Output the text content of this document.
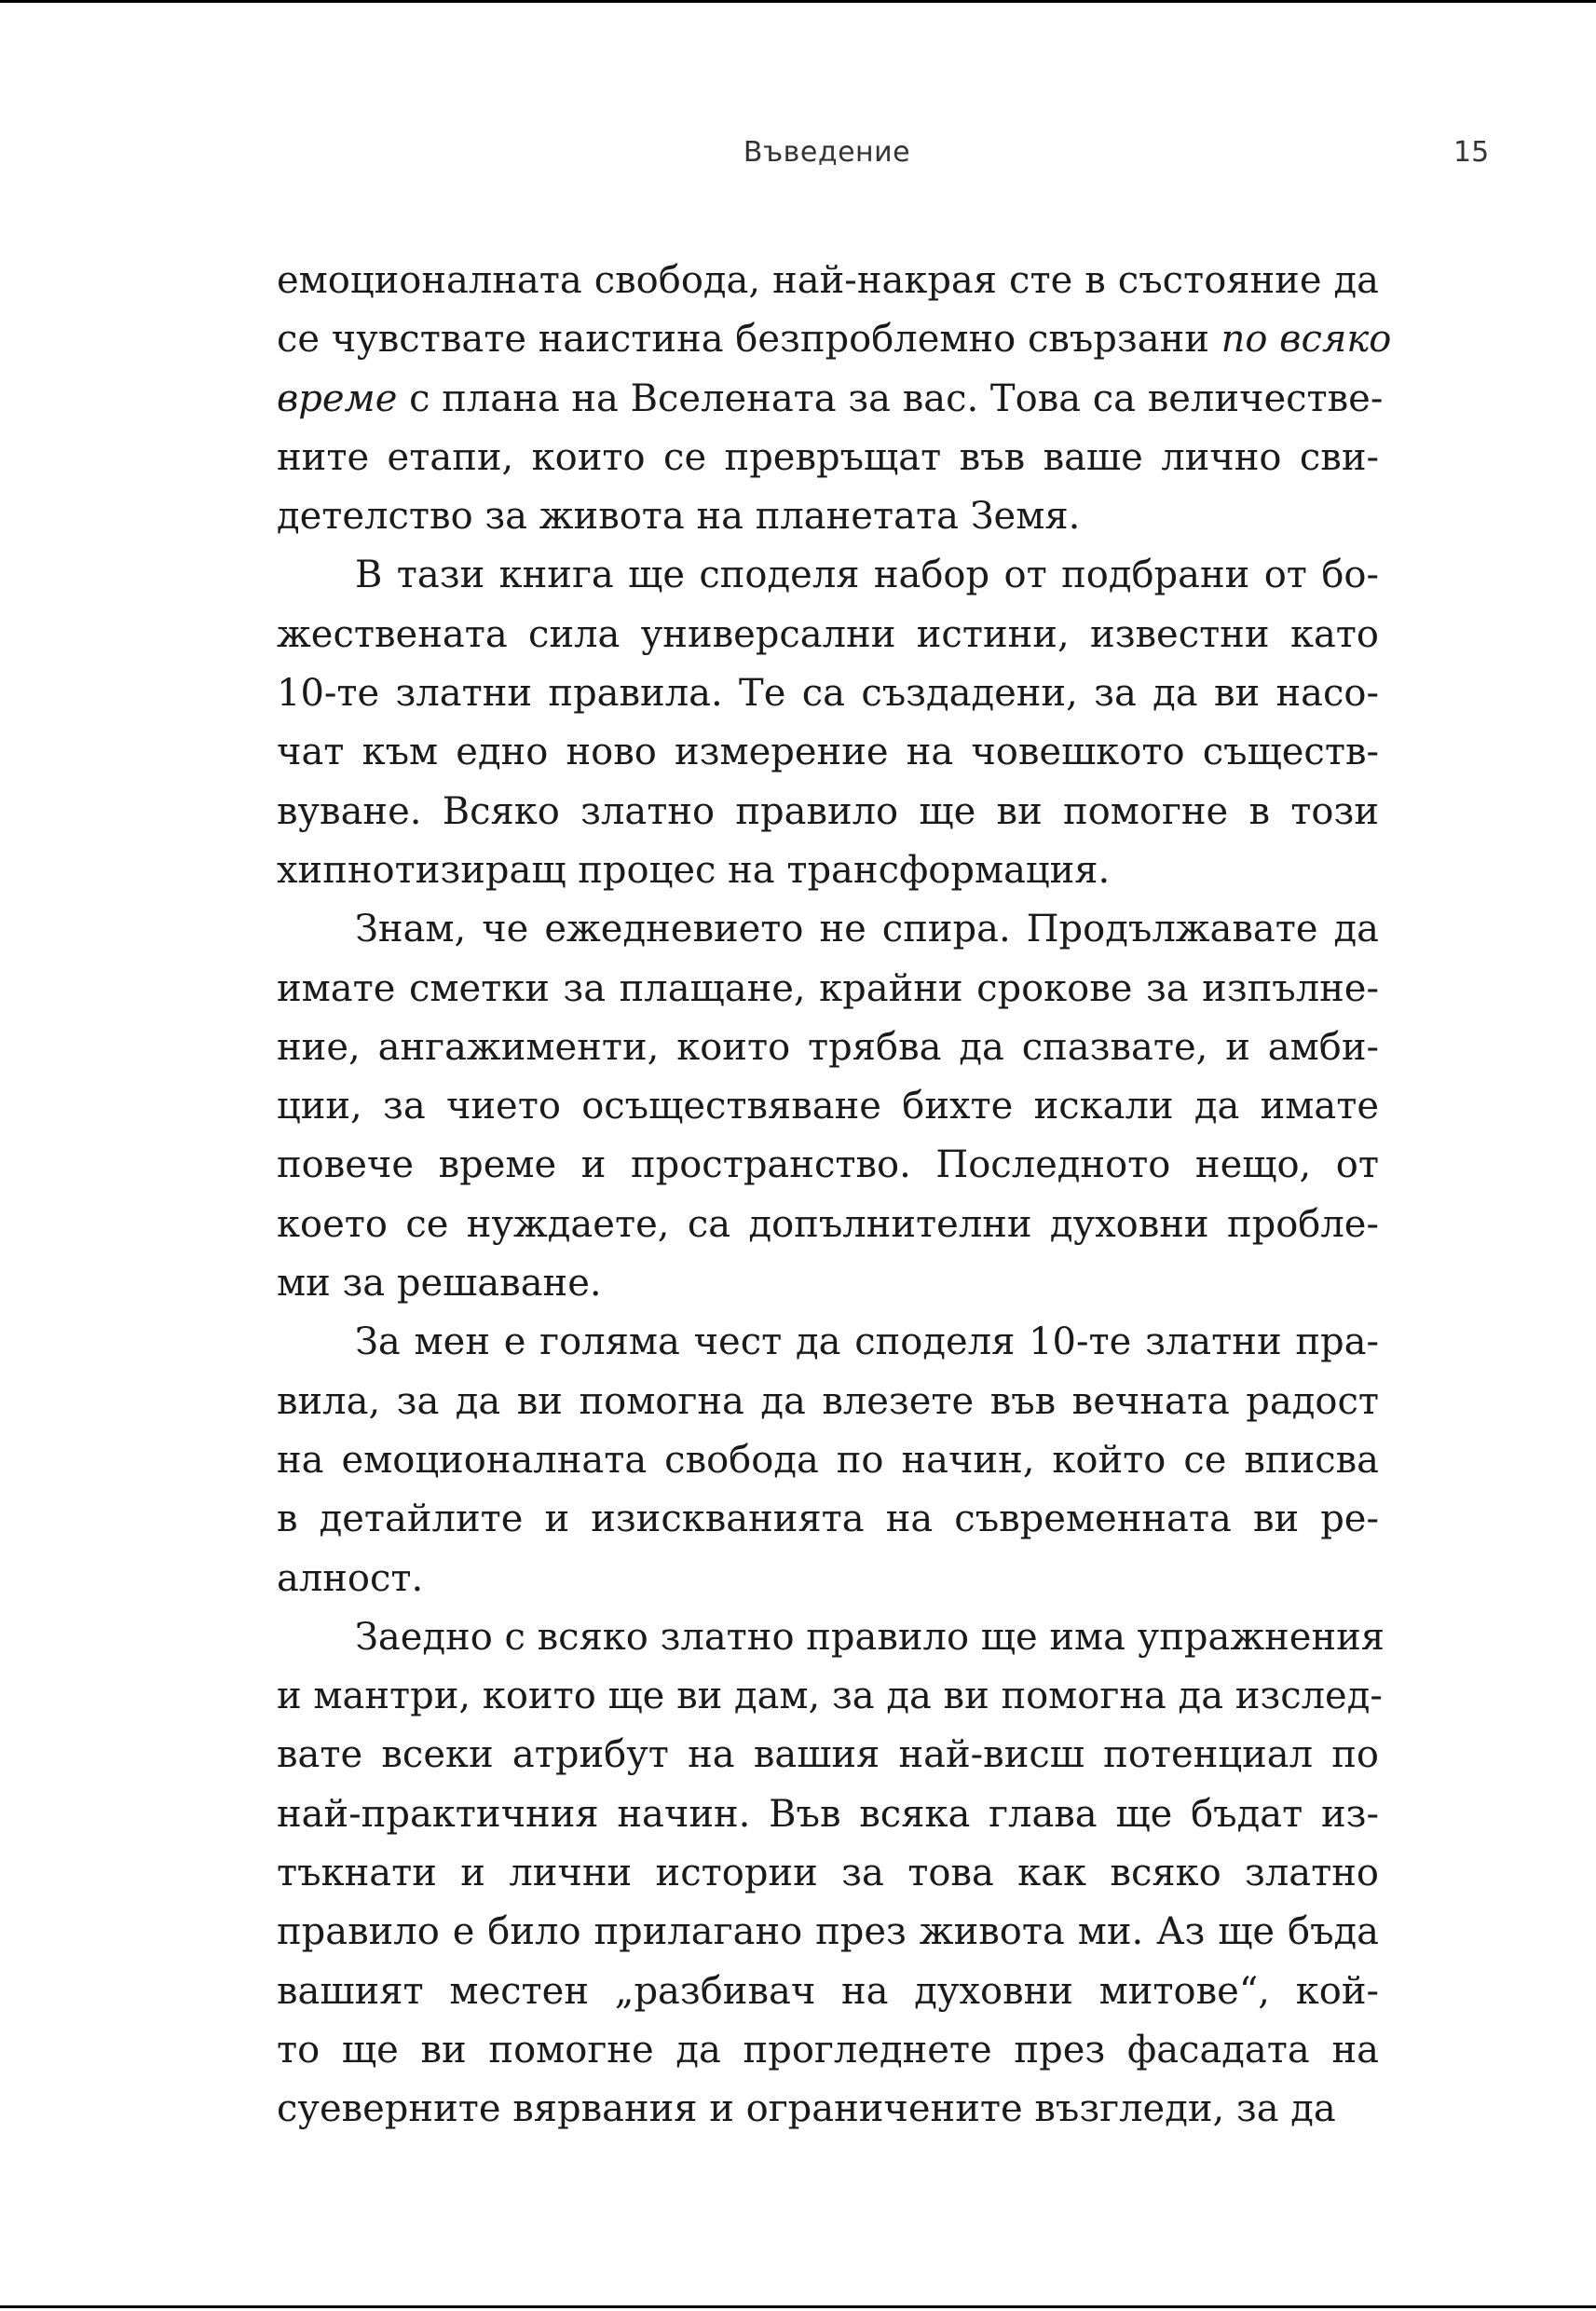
Въведение	15
емоционалната свобода, най-накрая сте в състояние да
се чувствате наистина безпроблемно свързани по всяко
време с плана на Вселената за вас. Това са величестве-
ните етапи, които се превръщат във ваше лично сви-
детелство за живота на планетата Земя.
В тази книга ще споделя набор от подбрани от бо-
жествената сила универсални истини, известни като
10-те златни правила. Те са създадени, за да ви насо-
чат към едно ново измерение на човешкото съществ-
вуване. Всяко златно правило ще ви помогне в този
хипнотизиращ процес на трансформация.
Знам, че ежедневието не спира. Продължавате да
имате сметки за плащане, крайни срокове за изпълне-
ние, ангажименти, които трябва да спазвате, и амби-
ции, за чието осъществяване бихте искали да имате
повече време и пространство. Последното нещо, от
което се нуждаете, са допълнителни духовни пробле-
ми за решаване.
За мен е голяма чест да споделя 10-те златни пра-
вила, за да ви помогна да влезете във вечната радост
на емоционалната свобода по начин, който се вписва
в детайлите и изискванията на съвременната ви ре-
алност.
Заедно с всяко златно правило ще има упражнения
и мантри, които ще ви дам, за да ви помогна да изслед-
вате всеки атрибут на вашия най-висш потенциал по
най-практичния начин. Във всяка глава ще бъдат из-
тъкнати и лични истории за това как всяко златно
правило е било прилагано през живота ми. Аз ще бъда
вашият местен „разбивач на духовни митове“, кой-
то ще ви помогне да прогледнете през фасадата на
суеверните вярвания и ограничените възгледи, за да
